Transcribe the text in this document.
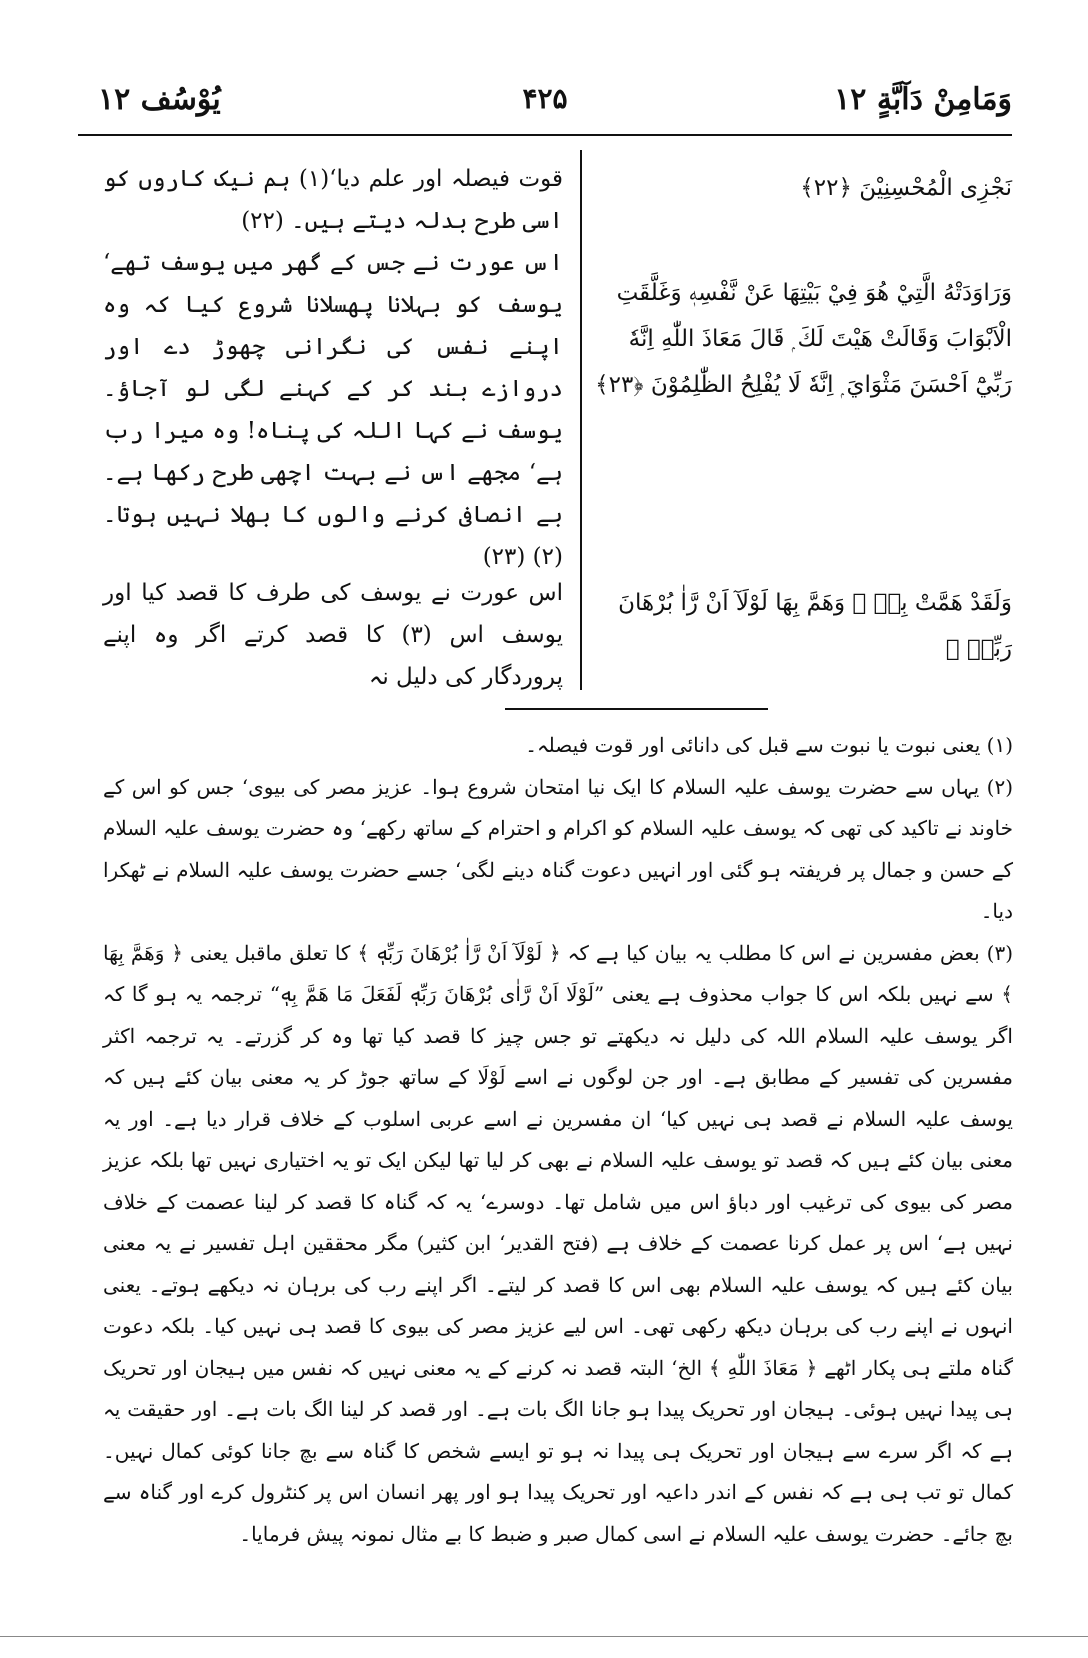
وَمَامِنْ دَآبَّةٍ ١٢
۴۲۵
يُوْسُف ١٢
نَجْزِى الْمُحْسِنِيْنَ ﴿٢٢﴾
وَرَاوَدَتْهُ الَّتِيْ هُوَ فِيْ بَيْتِهَا عَنْ نَّفْسِهٖ وَغَلَّقَتِ الْاَبْوَابَ وَقَالَتْ هَيْتَ لَكَ ۭ قَالَ مَعَاذَ اللّٰهِ اِنَّهٗ رَبِّيْٓ اَحْسَنَ مَثْوَايَ ۭ اِنَّهٗ لَا يُفْلِحُ الظّٰلِمُوْنَ ﴿٢٣﴾
وَلَقَدْ هَمَّتْ بِهٖ ۚ وَهَمَّ بِهَا لَوْلَآ اَنْ رَّاٰ بُرْهَانَ رَبِّهٖ ۭ
قوت فیصلہ اور علم دیا‘(١) ہم نیک کاروں کو اسی طرح بدلہ دیتے ہیں۔ (٢٢)
اس عورت نے جس کے گھر میں یوسف تھے‘ یوسف کو بہلانا پھسلانا شروع کیا کہ وہ اپنے نفس کی نگرانی چھوڑ دے اور دروازے بند کر کے کہنے لگی لو آجاؤ۔ یوسف نے کہا اللہ کی پناہ! وہ میرا رب ہے‘ مجھے اس نے بہت اچھی طرح رکھا ہے۔ بے انصافی کرنے والوں کا بھلا نہیں ہوتا۔(٢) (٢٣)
اس عورت نے یوسف کی طرف کا قصد کیا اور یوسف اس (٣) کا قصد کرتے اگر وہ اپنے پروردگار کی دلیل نہ

(١) یعنی نبوت یا نبوت سے قبل کی دانائی اور قوت فیصلہ۔

(٢) یہاں سے حضرت یوسف علیہ السلام کا ایک نیا امتحان شروع ہوا۔ عزیز مصر کی بیوی‘ جس کو اس کے خاوند نے تاکید کی تھی کہ یوسف علیہ السلام کو اکرام و احترام کے ساتھ رکھے‘ وہ حضرت یوسف علیہ السلام کے حسن و جمال پر فریفتہ ہو گئی اور انہیں دعوت گناہ دینے لگی‘ جسے حضرت یوسف علیہ السلام نے ٹھکرا دیا۔

(٣) بعض مفسرین نے اس کا مطلب یہ بیان کیا ہے کہ ﴿ لَوْلَآ اَنْ رَّاٰ بُرْهَانَ رَبِّهٖ ﴾ کا تعلق ماقبل یعنی ﴿ وَهَمَّ بِهَا ﴾ سے نہیں بلکہ اس کا جواب محذوف ہے یعنی ”لَوْلَا اَنْ رَّاٰی بُرْهَانَ رَبِّهٖ لَفَعَلَ مَا هَمَّ بِهٖ“ ترجمہ یہ ہو گا کہ اگر یوسف علیہ السلام اللہ کی دلیل نہ دیکھتے تو جس چیز کا قصد کیا تھا وہ کر گزرتے۔ یہ ترجمہ اکثر مفسرین کی تفسیر کے مطابق ہے۔ اور جن لوگوں نے اسے لَوْلَا کے ساتھ جوڑ کر یہ معنی بیان کئے ہیں کہ یوسف علیہ السلام نے قصد ہی نہیں کیا‘ ان مفسرین نے اسے عربی اسلوب کے خلاف قرار دیا ہے۔ اور یہ معنی بیان کئے ہیں کہ قصد تو یوسف علیہ السلام نے بھی کر لیا تھا لیکن ایک تو یہ اختیاری نہیں تھا بلکہ عزیز مصر کی بیوی کی ترغیب اور دباؤ اس میں شامل تھا۔ دوسرے‘ یہ کہ گناہ کا قصد کر لینا عصمت کے خلاف نہیں ہے‘ اس پر عمل کرنا عصمت کے خلاف ہے (فتح القدیر‘ ابن کثیر) مگر محققین اہل تفسیر نے یہ معنی بیان کئے ہیں کہ یوسف علیہ السلام بھی اس کا قصد کر لیتے۔ اگر اپنے رب کی برہان نہ دیکھے ہوتے۔ یعنی انہوں نے اپنے رب کی برہان دیکھ رکھی تھی۔ اس لیے عزیز مصر کی بیوی کا قصد ہی نہیں کیا۔ بلکہ دعوت گناہ ملتے ہی پکار اٹھے ﴿ مَعَاذَ اللّٰهِ ﴾ الخ‘ البتہ قصد نہ کرنے کے یہ معنی نہیں کہ نفس میں ہیجان اور تحریک ہی پیدا نہیں ہوئی۔ ہیجان اور تحریک پیدا ہو جانا الگ بات ہے۔ اور قصد کر لینا الگ بات ہے۔ اور حقیقت یہ ہے کہ اگر سرے سے ہیجان اور تحریک ہی پیدا نہ ہو تو ایسے شخص کا گناہ سے بچ جانا کوئی کمال نہیں۔ کمال تو تب ہی ہے کہ نفس کے اندر داعیہ اور تحریک پیدا ہو اور پھر انسان اس پر کنٹرول کرے اور گناہ سے بچ جائے۔ حضرت یوسف علیہ السلام نے اسی کمال صبر و ضبط کا بے مثال نمونہ پیش فرمایا۔
